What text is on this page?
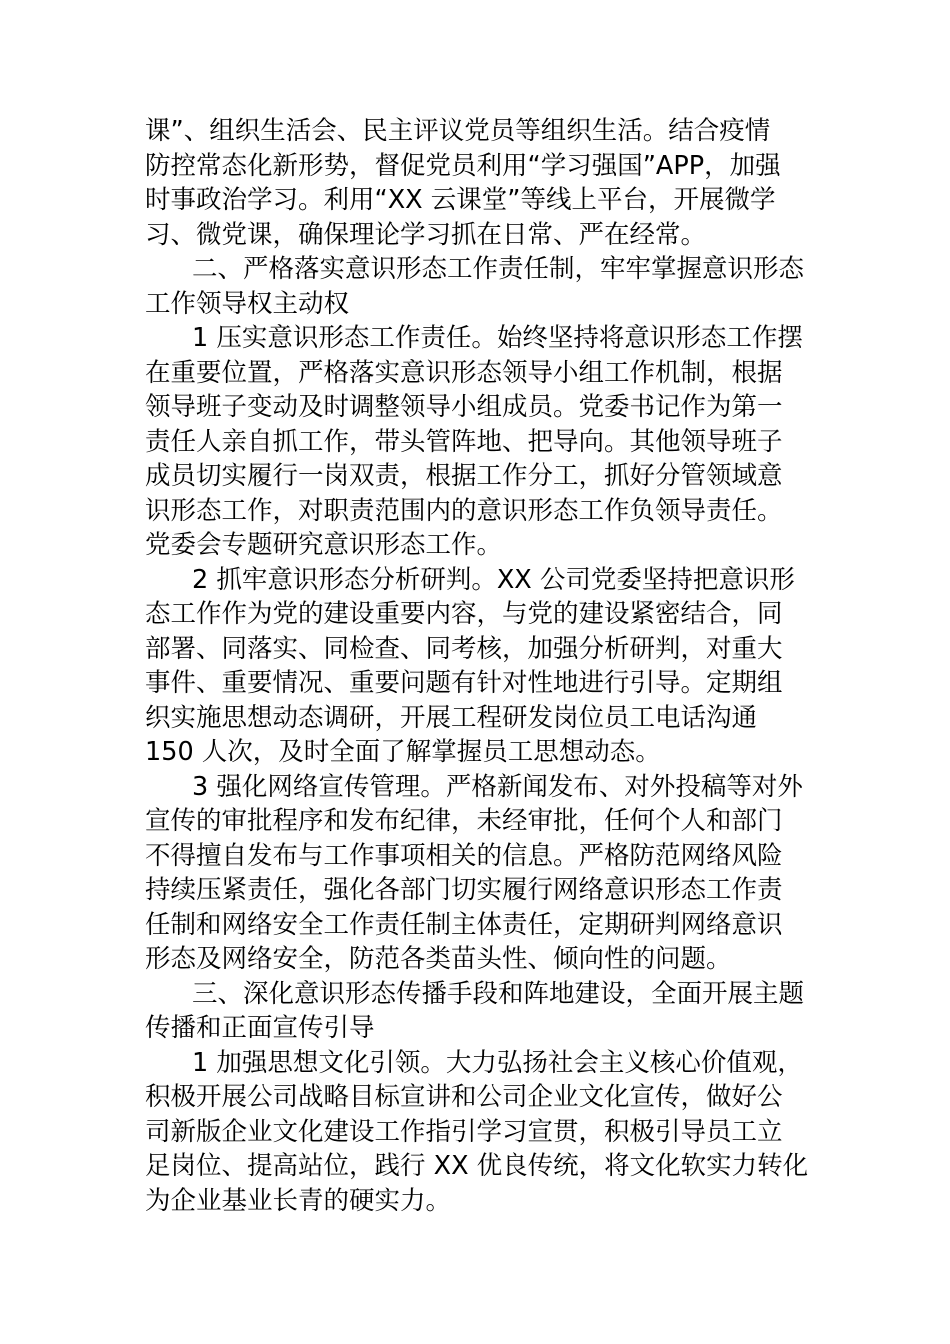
课”、组织生活会、民主评议党员等组织生活。结合疫情
防控常态化新形势，督促党员利用“学习强国”APP，加强
时事政治学习。利用“XX 云课堂”等线上平台，开展微学
习、微党课，确保理论学习抓在日常、严在经常。
二、严格落实意识形态工作责任制，牢牢掌握意识形态
工作领导权主动权
1 压实意识形态工作责任。始终坚持将意识形态工作摆
在重要位置，严格落实意识形态领导小组工作机制，根据
领导班子变动及时调整领导小组成员。党委书记作为第一
责任人亲自抓工作，带头管阵地、把导向。其他领导班子
成员切实履行一岗双责，根据工作分工，抓好分管领域意
识形态工作，对职责范围内的意识形态工作负领导责任。
党委会专题研究意识形态工作。
2 抓牢意识形态分析研判。XX 公司党委坚持把意识形
态工作作为党的建设重要内容，与党的建设紧密结合，同
部署、同落实、同检查、同考核，加强分析研判，对重大
事件、重要情况、重要问题有针对性地进行引导。定期组
织实施思想动态调研，开展工程研发岗位员工电话沟通
150 人次，及时全面了解掌握员工思想动态。
3 强化网络宣传管理。严格新闻发布、对外投稿等对外
宣传的审批程序和发布纪律，未经审批，任何个人和部门
不得擅自发布与工作事项相关的信息。严格防范网络风险
持续压紧责任，强化各部门切实履行网络意识形态工作责
任制和网络安全工作责任制主体责任，定期研判网络意识
形态及网络安全，防范各类苗头性、倾向性的问题。
三、深化意识形态传播手段和阵地建设，全面开展主题
传播和正面宣传引导
1 加强思想文化引领。大力弘扬社会主义核心价值观，
积极开展公司战略目标宣讲和公司企业文化宣传，做好公
司新版企业文化建设工作指引学习宣贯，积极引导员工立
足岗位、提高站位，践行 XX 优良传统，将文化软实力转化
为企业基业长青的硬实力。
